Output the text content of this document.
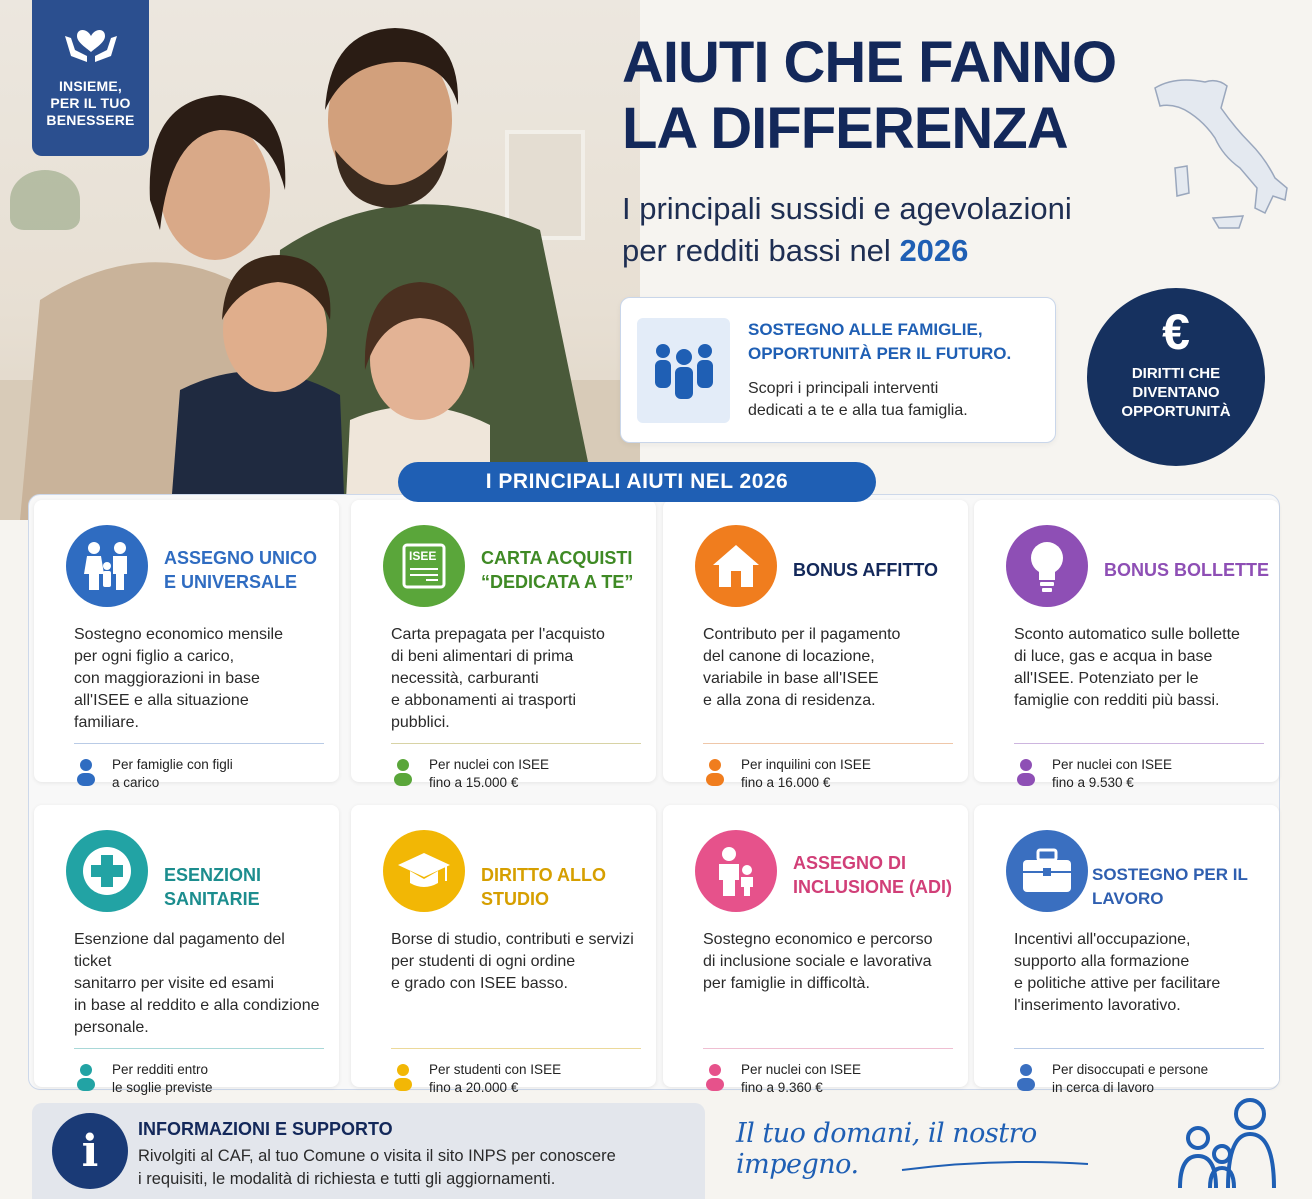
INSIEME,
PER IL TUO
BENESSERE
AIUTI CHE FANNO
LA DIFFERENZA
I principali sussidi e agevolazioni
per redditi bassi nel 2026
SOSTEGNO ALLE FAMIGLIE,
OPPORTUNITÀ PER IL FUTURO.
Scopri i principali interventi
dedicati a te e alla tua famiglia.
€
DIRITTI CHE
DIVENTANO
OPPORTUNITÀ
I PRINCIPALI AIUTI NEL 2026
ASSEGNO UNICO
E UNIVERSALE
Sostegno economico mensile
per ogni figlio a carico,
con maggiorazioni in base
all'ISEE e alla situazione
familiare.
Per famiglie con figli
a carico
ISEE CARTA ACQUISTI
“DEDICATA A TE”
Carta prepagata per l'acquisto
di beni alimentari di prima
necessità, carburanti
e abbonamenti ai trasporti
pubblici.
Per nuclei con ISEE
fino a 15.000 €
BONUS AFFITTO
Contributo per il pagamento
del canone di locazione,
variabile in base all'ISEE
e alla zona di residenza.
Per inquilini con ISEE
fino a 16.000 €
BONUS BOLLETTE
Sconto automatico sulle bollette
di luce, gas e acqua in base
all'ISEE. Potenziato per le
famiglie con redditi più bassi.
Per nuclei con ISEE
fino a 9.530 €
ESENZIONI SANITARIE
Esenzione dal pagamento del ticket
sanitarro per visite ed esami
in base al reddito e alla condizione
personale.
Per redditi entro
le soglie previste
DIRITTO ALLO STUDIO
Borse di studio, contributi e servizi
per studenti di ogni ordine
e grado con ISEE basso.
Per studenti con ISEE
fino a 20.000 €
ASSEGNO DI
INCLUSIONE (ADI)
Sostegno economico e percorso
di inclusione sociale e lavorativa
per famiglie in difficoltà.
Per nuclei con ISEE
fino a 9.360 €
SOSTEGNO PER IL LAVORO
Incentivi all'occupazione,
supporto alla formazione
e politiche attive per facilitare
l'inserimento lavorativo.
Per disoccupati e persone
in cerca di lavoro
i	INFORMAZIONI E SUPPORTO
Rivolgiti al CAF, al tuo Comune o visita il sito INPS per conoscere
i requisiti, le modalità di richiesta e tutti gli aggiornamenti.
Il tuo domani, il nostro impegno.
